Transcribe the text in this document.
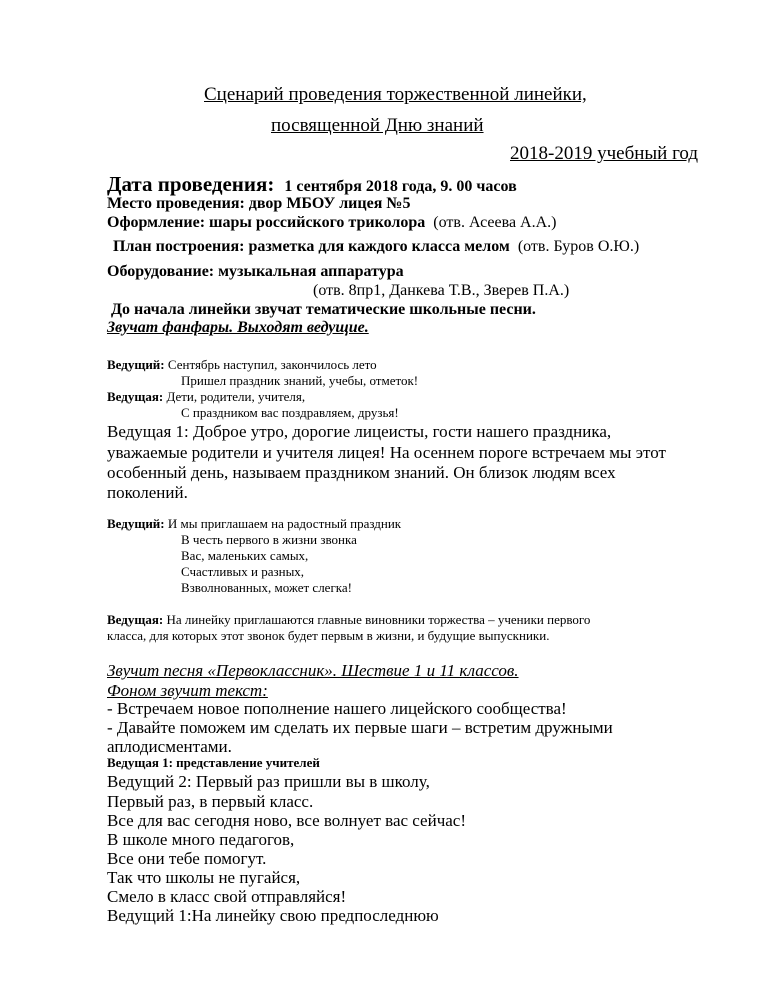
Сценарий проведения торжественной линейки,
посвященной Дню знаний
2018-2019 учебный год
Дата проведения: 1 сентября 2018 года, 9. 00 часов
Место проведения: двор МБОУ лицея №5
Оформление: шары российского триколора (отв. Асеева А.А.)
План построения: разметка для каждого класса мелом (отв. Буров О.Ю.)
Оборудование: музыкальная аппаратура
(отв. 8пр1, Данкева Т.В., Зверев П.А.)
До начала линейки звучат тематические школьные песни.
Звучат фанфары. Выходят ведущие.
Ведущий: Сентябрь наступил, закончилось лето
Пришел праздник знаний, учебы, отметок!
Ведущая: Дети, родители, учителя,
С праздником вас поздравляем, друзья!
Ведущая 1: Доброе утро, дорогие лицеисты, гости нашего праздника,
уважаемые родители и учителя лицея! На осеннем пороге встречаем мы этот
особенный день, называем праздником знаний. Он близок людям всех
поколений.
Ведущий: И мы приглашаем на радостный праздник
В честь первого в жизни звонка
Вас, маленьких самых,
Счастливых и разных,
Взволнованных, может слегка!
Ведущая: На линейку приглашаются главные виновники торжества – ученики первого
класса, для которых этот звонок будет первым в жизни, и будущие выпускники.
Звучит песня «Первоклассник». Шествие 1 и 11 классов.
Фоном звучит текст:
- Встречаем новое пополнение нашего лицейского сообщества!
- Давайте поможем им сделать их первые шаги – встретим дружными
аплодисментами.
Ведущая 1: представление учителей
Ведущий 2: Первый раз пришли вы в школу,
Первый раз, в первый класс.
Все для вас сегодня ново, все волнует вас сейчас!
В школе много педагогов,
Все они тебе помогут.
Так что школы не пугайся,
Смело в класс свой отправляйся!
Ведущий 1:На линейку свою предпоследнюю
